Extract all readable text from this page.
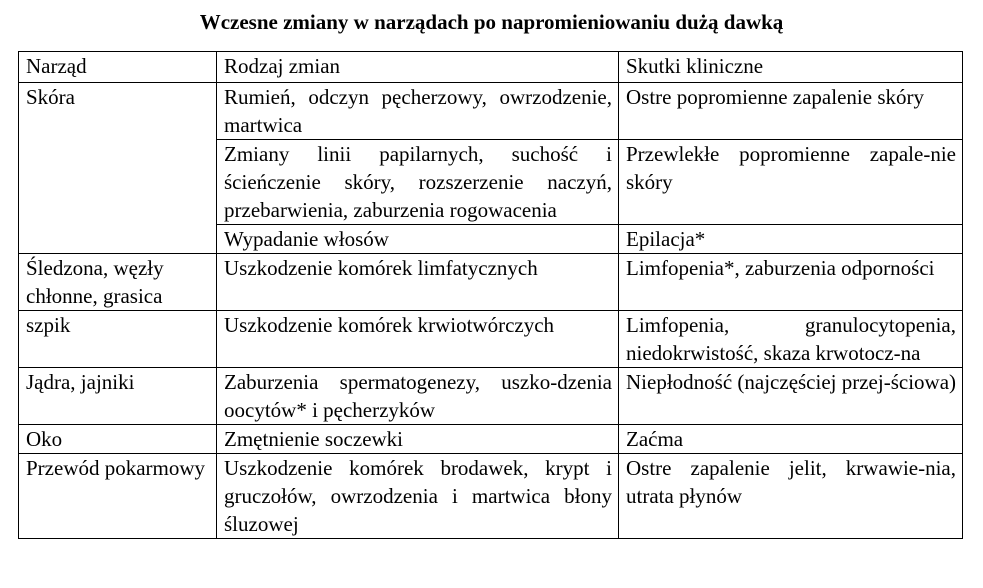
Wczesne zmiany w narządach po napromieniowaniu dużą dawką
Narząd	Rodzaj zmian	Skutki kliniczne
Skóra	Rumień, odczyn pęcherzowy, owrzodzenie, martwica	Ostre popromienne zapalenie skóry
	Zmiany linii papilarnych, suchość i ścieńczenie skóry, rozszerzenie naczyń, przebarwienia, zaburzenia rogowacenia	Przewlekłe popromienne zapale-nie skóry
	Wypadanie włosów	Epilacja*
Śledzona, węzły chłonne, grasica	Uszkodzenie komórek limfatycznych	Limfopenia*, zaburzenia odporności
szpik	Uszkodzenie komórek krwiotwórczych	Limfopenia, granulocytopenia, niedokrwistość, skaza krwotocz-na
Jądra, jajniki	Zaburzenia spermatogenezy, uszko-dzenia oocytów* i pęcherzyków	Niepłodność (najczęściej przej-ściowa)
Oko	Zmętnienie soczewki	Zaćma
Przewód pokarmowy	Uszkodzenie komórek brodawek, krypt i gruczołów, owrzodzenia i martwica błony śluzowej	Ostre zapalenie jelit, krwawie-nia, utrata płynów
